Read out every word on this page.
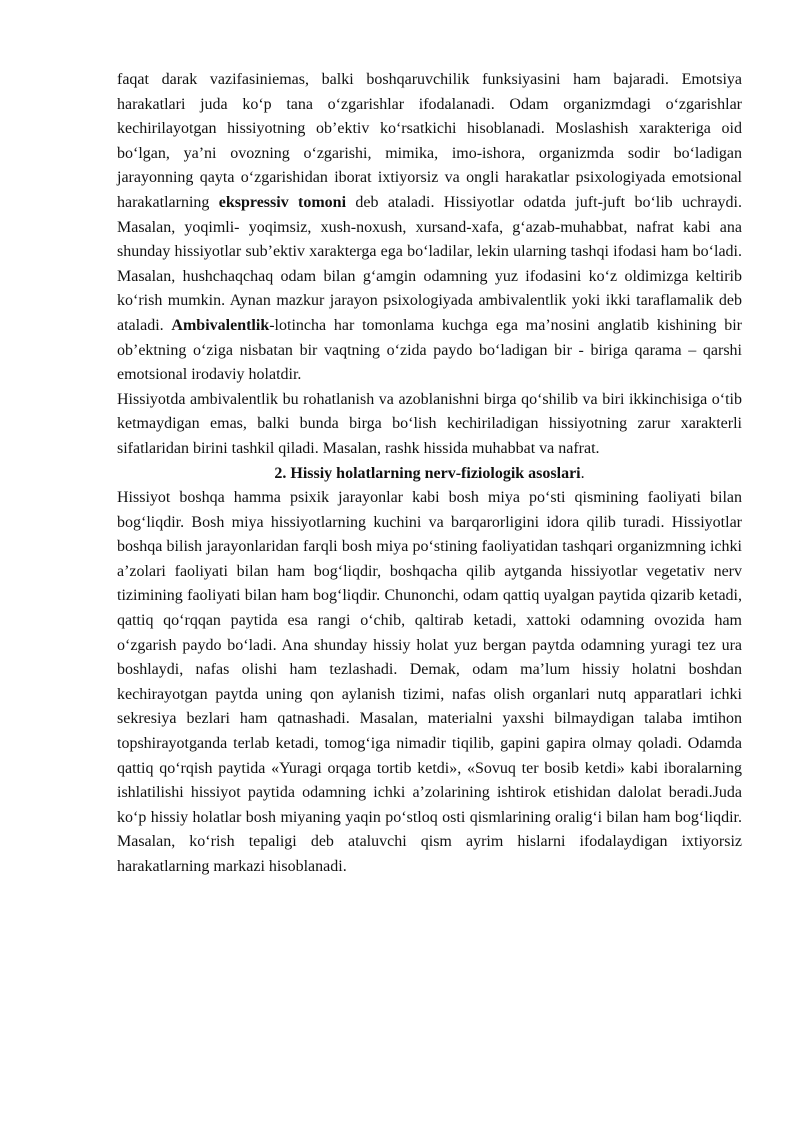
faqat darak vazifasiniemas, balki boshqaruvchilik funksiyasini ham bajaradi. Emotsiya harakatlari juda ko‘p tana o‘zgarishlar ifodalanadi. Odam organizmdagi o‘zgarishlar kechirilayotgan hissiyotning ob’ektiv ko‘rsatkichi hisoblanadi. Moslashish xarakteriga oid bo‘lgan, ya’ni ovozning o‘zgarishi, mimika, imo-ishora, organizmda sodir bo‘ladigan jarayonning qayta o‘zgarishidan iborat ixtiyorsiz va ongli harakatlar psixologiyada emotsional harakatlarning ekspressiv tomoni deb ataladi. Hissiyotlar odatda juft-juft bo‘lib uchraydi. Masalan, yoqimli- yoqimsiz, xush-noxush, xursand-xafa, g‘azab-muhabbat, nafrat kabi ana shunday hissiyotlar sub’ektiv xarakterga ega bo‘ladilar, lekin ularning tashqi ifodasi ham bo‘ladi. Masalan, hushchaqchaq odam bilan g‘amgin odamning yuz ifodasini ko‘z oldimizga keltirib ko‘rish mumkin. Aynan mazkur jarayon psixologiyada ambivalentlik yoki ikki taraflamalik deb ataladi. Ambivalentlik-lotincha har tomonlama kuchga ega ma’nosini anglatib kishining bir ob’ektning o‘ziga nisbatan bir vaqtning o‘zida paydo bo‘ladigan bir - biriga qarama – qarshi emotsional irodaviy holatdir.

Hissiyotda ambivalentlik bu rohatlanish va azoblanishni birga qo‘shilib va biri ikkinchisiga o‘tib ketmaydigan emas, balki bunda birga bo‘lish kechiriladigan hissiyotning zarur xarakterli sifatlaridan birini tashkil qiladi. Masalan, rashk hissida muhabbat va nafrat.

2. Hissiy holatlarning nerv-fiziologik asoslari.

Hissiyot boshqa hamma psixik jarayonlar kabi bosh miya po‘sti qismining faoliyati bilan bog‘liqdir. Bosh miya hissiyotlarning kuchini va barqarorligini idora qilib turadi. Hissiyotlar boshqa bilish jarayonlaridan farqli bosh miya po‘stining faoliyatidan tashqari organizmning ichki a’zolari faoliyati bilan ham bog‘liqdir, boshqacha qilib aytganda hissiyotlar vegetativ nerv tizimining faoliyati bilan ham bog‘liqdir. Chunonchi, odam qattiq uyalgan paytida qizarib ketadi, qattiq qo‘rqqan paytida esa rangi o‘chib, qaltirab ketadi, xattoki odamning ovozida ham o‘zgarish paydo bo‘ladi. Ana shunday hissiy holat yuz bergan paytda odamning yuragi tez ura boshlaydi, nafas olishi ham tezlashadi. Demak, odam ma’lum hissiy holatni boshdan kechirayotgan paytda uning qon aylanish tizimi, nafas olish organlari nutq apparatlari ichki sekresiya bezlari ham qatnashadi. Masalan, materialni yaxshi bilmaydigan talaba imtihon topshirayotganda terlab ketadi, tomog‘iga nimadir tiqilib, gapini gapira olmay qoladi. Odamda qattiq qo‘rqish paytida «Yuragi orqaga tortib ketdi», «Sovuq ter bosib ketdi» kabi iboralarning ishlatilishi hissiyot paytida odamning ichki a’zolarining ishtirok etishidan dalolat beradi.Juda ko‘p hissiy holatlar bosh miyaning yaqin po‘stloq osti qismlarining oralig‘i bilan ham bog‘liqdir. Masalan, ko‘rish tepaligi deb ataluvchi qism ayrim hislarni ifodalaydigan ixtiyorsiz harakatlarning markazi hisoblanadi.
